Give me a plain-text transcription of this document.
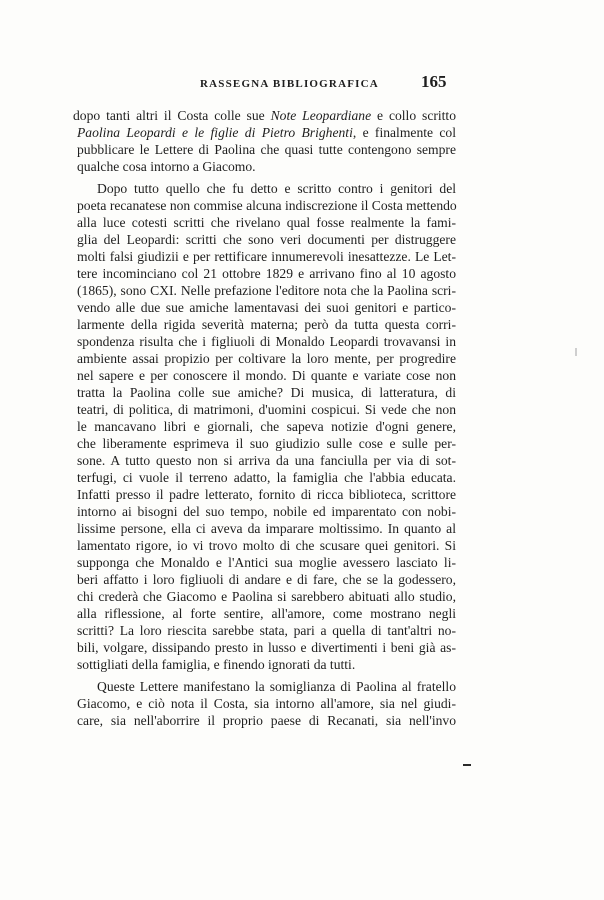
RASSEGNA BIBLIOGRAFICA 165
dopo tanti altri il Costa colle sue Note Leopardiane e collo scritto
Paolina Leopardi e le figlie di Pietro Brighenti, e finalmente col
pubblicare le Lettere di Paolina che quasi tutte contengono sempre
qualche cosa intorno a Giacomo.
Dopo tutto quello che fu detto e scritto contro i genitori del
poeta recanatese non commise alcuna indiscrezione il Costa mettendo
alla luce cotesti scritti che rivelano qual fosse realmente la fami-
glia del Leopardi: scritti che sono veri documenti per distruggere
molti falsi giudizii e per rettificare innumerevoli inesattezze. Le Let-
tere incominciano col 21 ottobre 1829 e arrivano fino al 10 agosto
(1865), sono CXI. Nelle prefazione l'editore nota che la Paolina scri-
vendo alle due sue amiche lamentavasi dei suoi genitori e partico-
larmente della rigida severità materna; però da tutta questa corri-
spondenza risulta che i figliuoli di Monaldo Leopardi trovavansi in
ambiente assai propizio per coltivare la loro mente, per progredire
nel sapere e per conoscere il mondo. Di quante e variate cose non
tratta la Paolina colle sue amiche? Di musica, di latteratura, di
teatri, di politica, di matrimoni, d'uomini cospicui. Si vede che non
le mancavano libri e giornali, che sapeva notizie d'ogni genere,
che liberamente esprimeva il suo giudizio sulle cose e sulle per-
sone. A tutto questo non si arriva da una fanciulla per via di sot-
terfugi, ci vuole il terreno adatto, la famiglia che l'abbia educata.
Infatti presso il padre letterato, fornito di ricca biblioteca, scrittore
intorno ai bisogni del suo tempo, nobile ed imparentato con nobi-
lissime persone, ella ci aveva da imparare moltissimo. In quanto al
lamentato rigore, io vi trovo molto di che scusare quei genitori. Si
supponga che Monaldo e l'Antici sua moglie avessero lasciato li-
beri affatto i loro figliuoli di andare e di fare, che se la godessero,
chi crederà che Giacomo e Paolina si sarebbero abituati allo studio,
alla riflessione, al forte sentire, all'amore, come mostrano negli
scritti? La loro riescita sarebbe stata, pari a quella di tant'altri no-
bili, volgare, dissipando presto in lusso e divertimenti i beni già as-
sottigliati della famiglia, e finendo ignorati da tutti.
Queste Lettere manifestano la somiglianza di Paolina al fratello
Giacomo, e ciò nota il Costa, sia intorno all'amore, sia nel giudi-
care, sia nell'aborrire il proprio paese di Recanati, sia nell'invo
